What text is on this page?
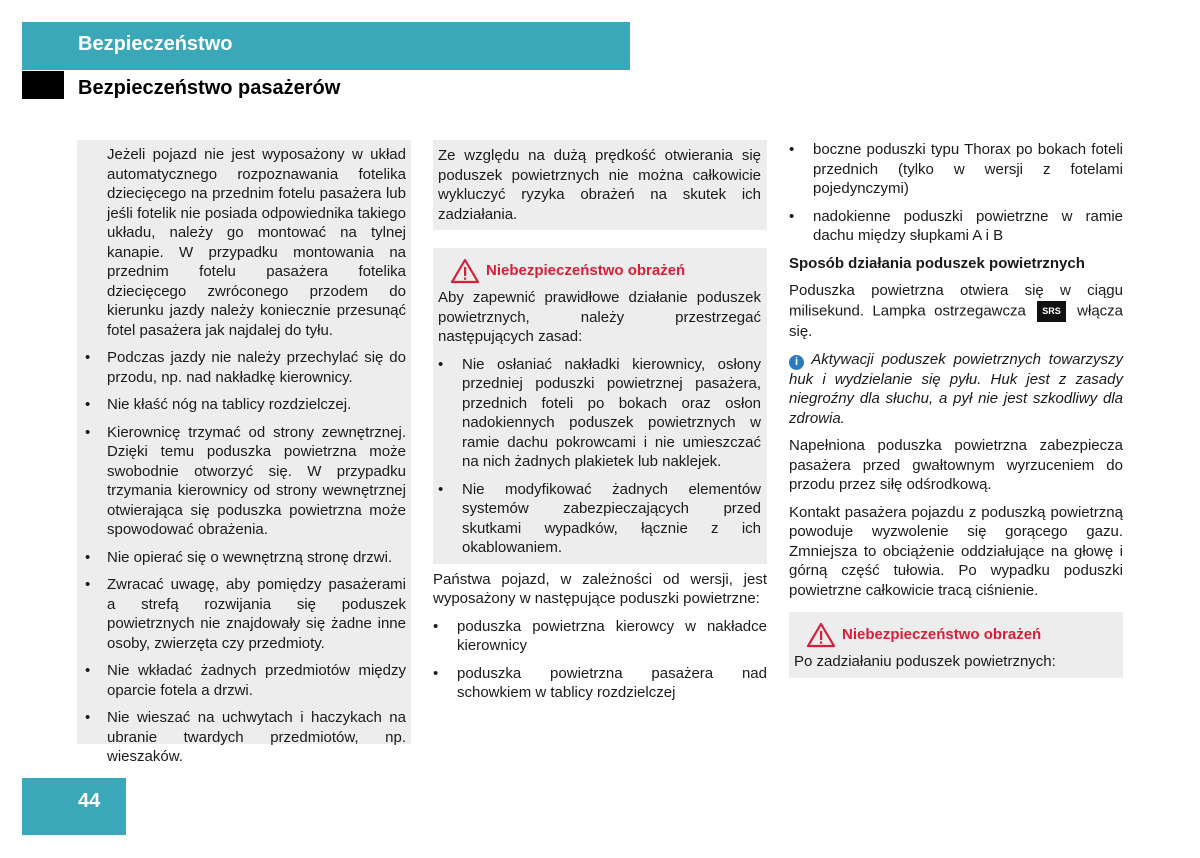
Bezpieczeństwo
Bezpieczeństwo pasażerów

Jeżeli pojazd nie jest wyposażony w układ automatycznego rozpoznawania fotelika dziecięcego na przednim fotelu pasażera lub jeśli fotelik nie posiada odpowiednika takiego układu, należy go montować na tylnej kanapie. W przypadku montowania na przednim fotelu pasażera fotelika dziecięcego zwróconego przodem do kierunku jazdy należy koniecznie przesunąć fotel pasażera jak najdalej do tyłu.

• Podczas jazdy nie należy przechylać się do przodu, np. nad nakładkę kierownicy.
• Nie kłaść nóg na tablicy rozdzielczej.
• Kierownicę trzymać od strony zewnętrznej. Dzięki temu poduszka powietrzna może swobodnie otworzyć się. W przypadku trzymania kierownicy od strony wewnętrznej otwierająca się poduszka powietrzna może spowodować obrażenia.
• Nie opierać się o wewnętrzną stronę drzwi.
• Zwracać uwagę, aby pomiędzy pasażerami a strefą rozwijania się poduszek powietrznych nie znajdowały się żadne inne osoby, zwierzęta czy przedmioty.
• Nie wkładać żadnych przedmiotów między oparcie fotela a drzwi.
• Nie wieszać na uchwytach i haczykach na ubranie twardych przedmiotów, np. wieszaków.

Ze względu na dużą prędkość otwierania się poduszek powietrznych nie można całkowicie wykluczyć ryzyka obrażeń na skutek ich zadziałania.

Niebezpieczeństwo obrażeń

Aby zapewnić prawidłowe działanie poduszek powietrznych, należy przestrzegać następujących zasad:

• Nie osłaniać nakładki kierownicy, osłony przedniej poduszki powietrznej pasażera, przednich foteli po bokach oraz osłon nadokiennych poduszek powietrznych w ramie dachu pokrowcami i nie umieszczać na nich żadnych plakietek lub naklejek.
• Nie modyfikować żadnych elementów systemów zabezpieczających przed skutkami wypadków, łącznie z ich okablowaniem.

Państwa pojazd, w zależności od wersji, jest wyposażony w następujące poduszki powietrzne:

• poduszka powietrzna kierowcy w nakładce kierownicy
• poduszka powietrzna pasażera nad schowkiem w tablicy rozdzielczej
• boczne poduszki typu Thorax po bokach foteli przednich (tylko w wersji z fotelami pojedynczymi)
• nadokienne poduszki powietrzne w ramie dachu między słupkami A i B

Sposób działania poduszek powietrznych

Poduszka powietrzna otwiera się w ciągu milisekund. Lampka ostrzegawcza SRS włącza się.

i Aktywacji poduszek powietrznych towarzyszy huk i wydzielanie się pyłu. Huk jest z zasady niegroźny dla słuchu, a pył nie jest szkodliwy dla zdrowia.

Napełniona poduszka powietrzna zabezpiecza pasażera przed gwałtownym wyrzuceniem do przodu przez siłę odśrodkową.

Kontakt pasażera pojazdu z poduszką powietrzną powoduje wyzwolenie się gorącego gazu. Zmniejsza to obciążenie oddziałujące na głowę i górną część tułowia. Po wypadku poduszki powietrzne całkowicie tracą ciśnienie.

Niebezpieczeństwo obrażeń

Po zadziałaniu poduszek powietrznych:

44
